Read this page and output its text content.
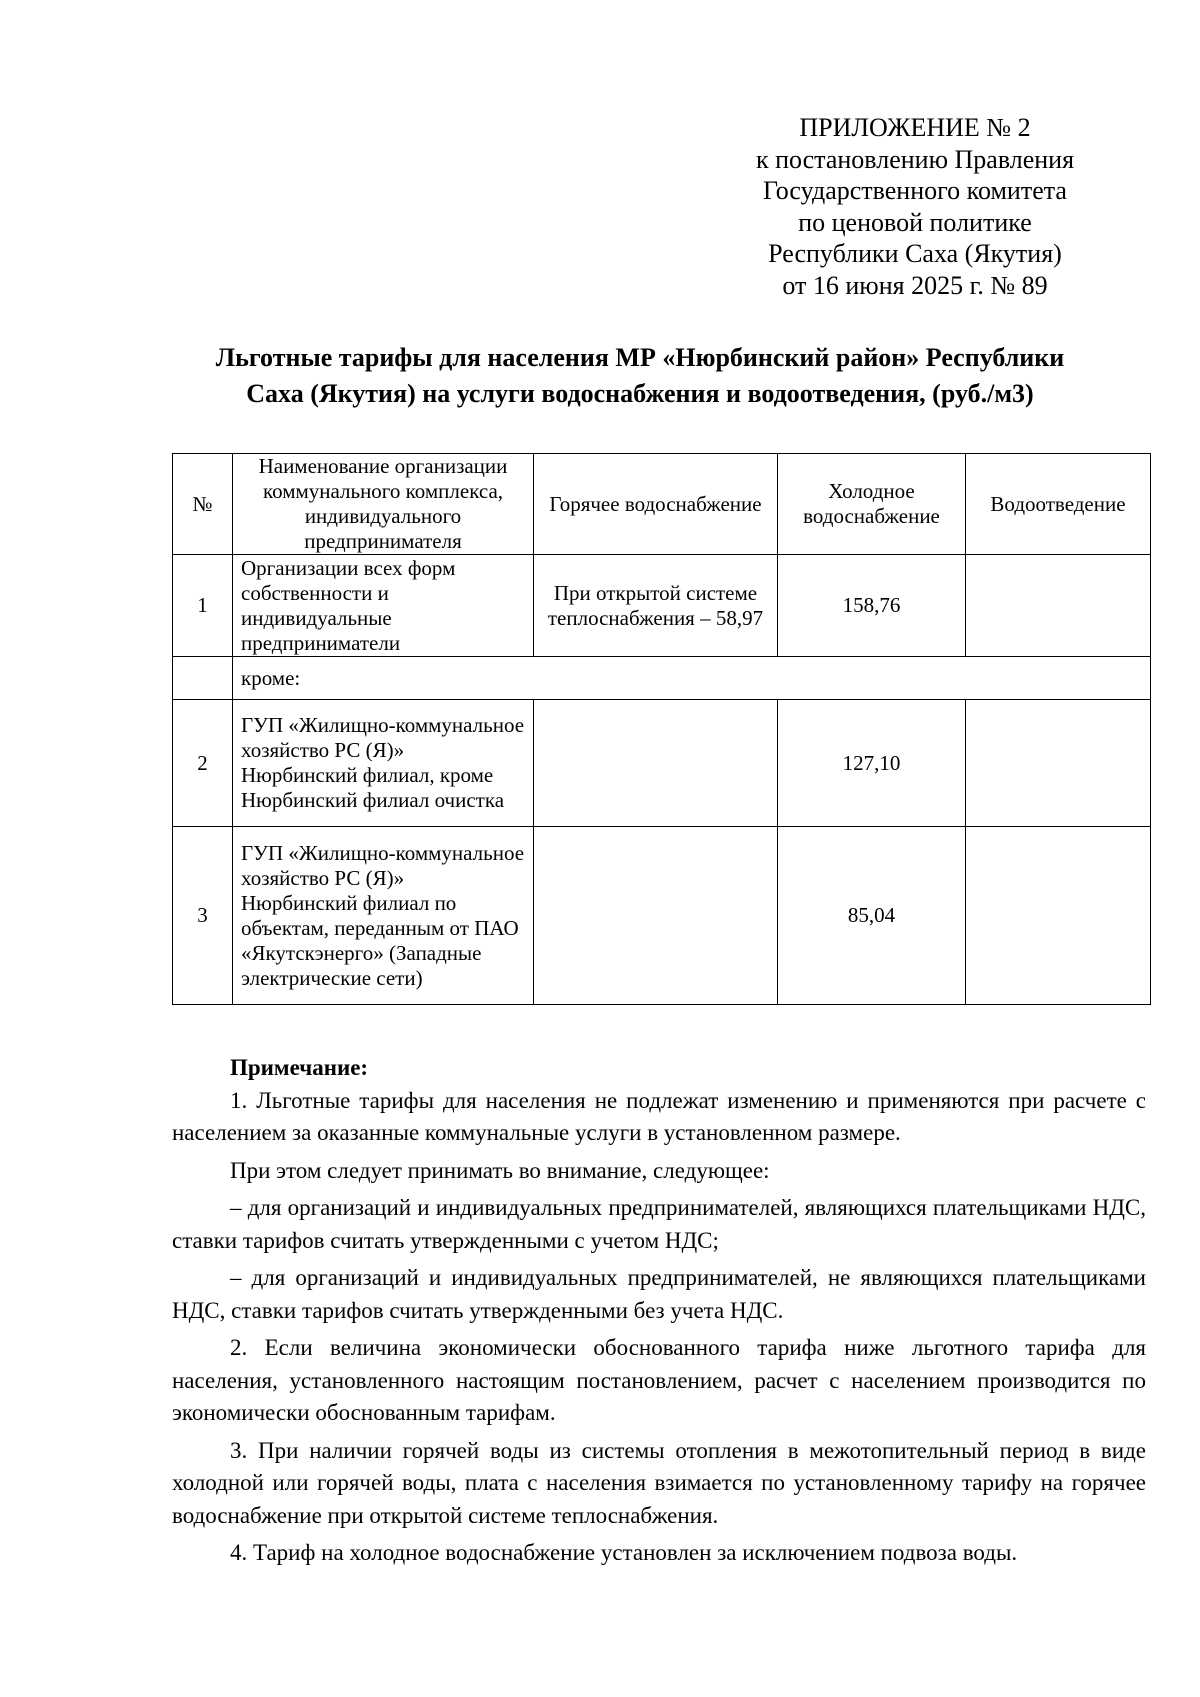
ПРИЛОЖЕНИЕ № 2
к постановлению Правления
Государственного комитета
по ценовой политике
Республики Саха (Якутия)
от 16 июня 2025 г. № 89
Льготные тарифы для населения МР «Нюрбинский район» Республики
Саха (Якутия) на услуги водоснабжения и водоотведения, (руб./м3)
№	Наименование организации коммунального комплекса, индивидуального предпринимателя	Горячее водоснабжение	Холодное водоснабжение	Водоотведение
1	Организации всех форм собственности и индивидуальные предприниматели	При открытой системе теплоснабжения – 58,97	158,76	
	кроме:			
2	ГУП «Жилищно-коммунальное хозяйство РС (Я)» Нюрбинский филиал, кроме Нюрбинский филиал очистка		127,10	
3	ГУП «Жилищно-коммунальное хозяйство РС (Я)» Нюрбинский филиал по объектам, переданным от ПАО «Якутскэнерго» (Западные электрические сети)		85,04	

Примечание:

1. Льготные тарифы для населения не подлежат изменению и применяются при расчете с населением за оказанные коммунальные услуги в установленном размере.

При этом следует принимать во внимание, следующее:

– для организаций и индивидуальных предпринимателей, являющихся плательщиками НДС, ставки тарифов считать утвержденными с учетом НДС;

– для организаций и индивидуальных предпринимателей, не являющихся плательщиками НДС, ставки тарифов считать утвержденными без учета НДС.

2. Если величина экономически обоснованного тарифа ниже льготного тарифа для населения, установленного настоящим постановлением, расчет с населением производится по экономически обоснованным тарифам.

3. При наличии горячей воды из системы отопления в межотопительный период в виде холодной или горячей воды, плата с населения взимается по установленному тарифу на горячее водоснабжение при открытой системе теплоснабжения.

4. Тариф на холодное водоснабжение установлен за исключением подвоза воды.
